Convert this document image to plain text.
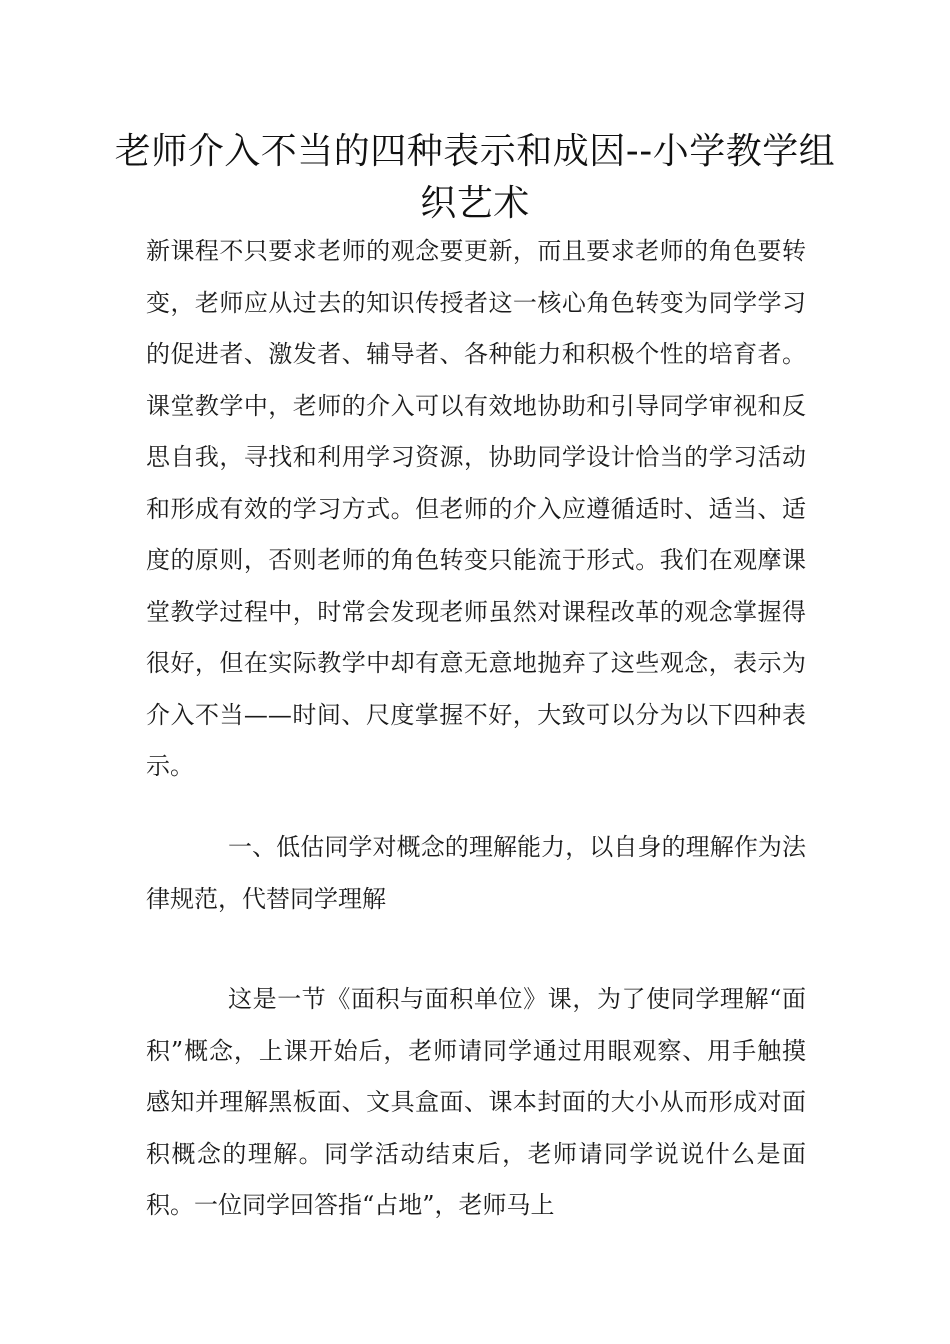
老师介入不当的四种表示和成因--小学教学组织艺术
新课程不只要求老师的观念要更新，而且要求老师的角色要转变，老师应从过去的知识传授者这一核心角色转变为同学学习的促进者、激发者、辅导者、各种能力和积极个性的培育者。课堂教学中，老师的介入可以有效地协助和引导同学审视和反思自我，寻找和利用学习资源，协助同学设计恰当的学习活动和形成有效的学习方式。但老师的介入应遵循适时、适当、适度的原则，否则老师的角色转变只能流于形式。我们在观摩课堂教学过程中，时常会发现老师虽然对课程改革的观念掌握得很好，但在实际教学中却有意无意地抛弃了这些观念，表示为介入不当——时间、尺度掌握不好，大致可以分为以下四种表示。
一、低估同学对概念的理解能力，以自身的理解作为法律规范，代替同学理解
这是一节《面积与面积单位》课，为了使同学理解“面积”概念，上课开始后，老师请同学通过用眼观察、用手触摸感知并理解黑板面、文具盒面、课本封面的大小从而形成对面积概念的理解。同学活动结束后，老师请同学说说什么是面积。一位同学回答指“占地”，老师马上
